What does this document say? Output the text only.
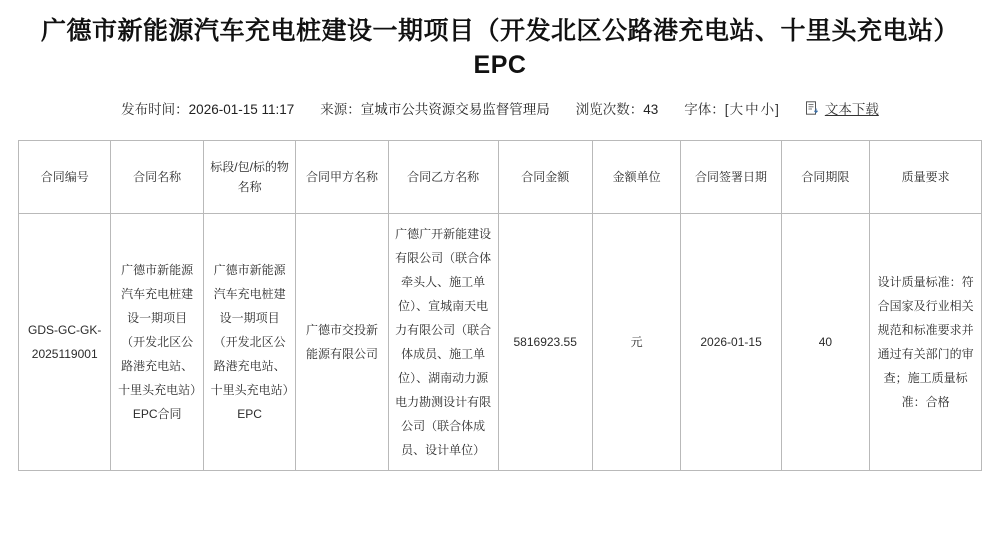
广德市新能源汽车充电桩建设一期项目（开发北区公路港充电站、十里头充电站）EPC
发布时间：2026-01-15 11:17 来源：宣城市公共资源交易监督管理局 浏览次数：43 字体：[大 中 小]	文本下载
合同编号	合同名称	标段/包/标的物名称	合同甲方名称	合同乙方名称	合同金额	金额单位	合同签署日期	合同期限	质量要求
GDS-GC-GK-2025119001	广德市新能源汽车充电桩建设一期项目（开发北区公路港充电站、十里头充电站）EPC合同	广德市新能源汽车充电桩建设一期项目（开发北区公路港充电站、十里头充电站）EPC	广德市交投新能源有限公司	广德广开新能建设有限公司（联合体牵头人、施工单位）、宣城南天电力有限公司（联合体成员、施工单位）、湖南动力源电力勘测设计有限公司（联合体成员、设计单位）	5816923.55	元	2026-01-15	40	设计质量标准：符合国家及行业相关规范和标准要求并通过有关部门的审查；施工质量标准：合格
